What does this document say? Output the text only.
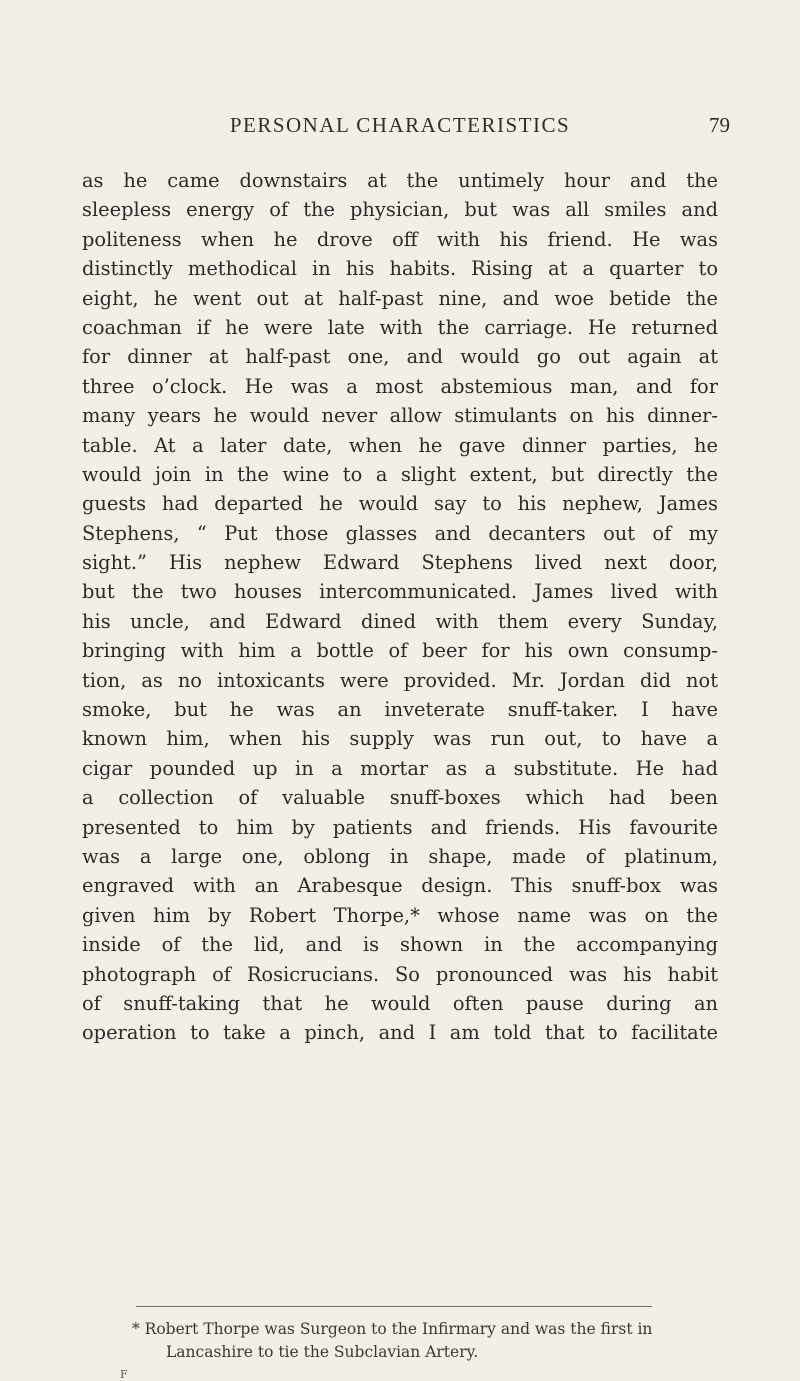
PERSONAL CHARACTERISTICS	79
as he came downstairs at the untimely hour and the
sleepless energy of the physician, but was all smiles and
politeness when he drove off with his friend. He was
distinctly methodical in his habits. Rising at a quarter to
eight, he went out at half-past nine, and woe betide the
coachman if he were late with the carriage. He returned
for dinner at half-past one, and would go out again at
three o’clock. He was a most abstemious man, and for
many years he would never allow stimulants on his dinner-
table. At a later date, when he gave dinner parties, he
would join in the wine to a slight extent, but directly the
guests had departed he would say to his nephew, James
Stephens, “ Put those glasses and decanters out of my
sight.” His nephew Edward Stephens lived next door,
but the two houses intercommunicated. James lived with
his uncle, and Edward dined with them every Sunday,
bringing with him a bottle of beer for his own consump-
tion, as no intoxicants were provided. Mr. Jordan did not
smoke, but he was an inveterate snuff-taker. I have
known him, when his supply was run out, to have a
cigar pounded up in a mortar as a substitute. He had
a collection of valuable snuff-boxes which had been
presented to him by patients and friends. His favourite
was a large one, oblong in shape, made of platinum,
engraved with an Arabesque design. This snuff-box was
given him by Robert Thorpe,* whose name was on the
inside of the lid, and is shown in the accompanying
photograph of Rosicrucians. So pronounced was his habit
of snuff-taking that he would often pause during an
operation to take a pinch, and I am told that to facilitate
* Robert Thorpe was Surgeon to the Infirmary and was the first in
Lancashire to tie the Subclavian Artery.
F
